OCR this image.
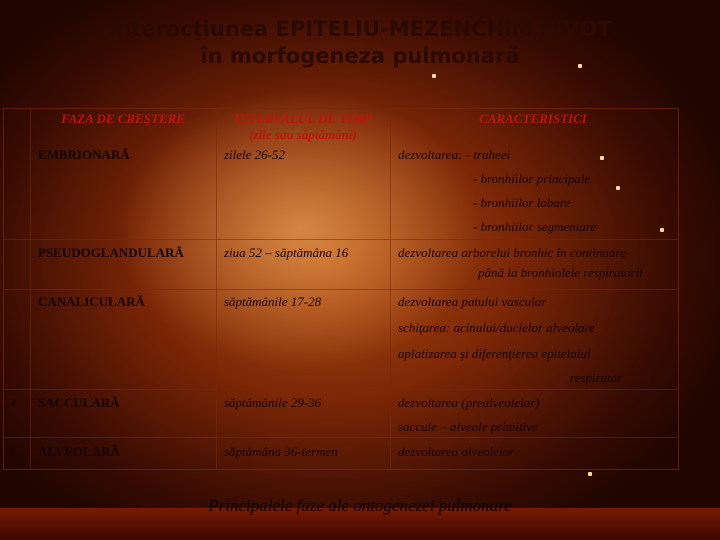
Interacţiunea EPITELIU-MEZENCHIM PIVOT
în morfogeneza pulmonară
FAZA DE CREŞTERE	INTERVALUL DE TIMP
(zile sau săptămâni)
CARACTERISTICI
EMBRIONARĂ	zilele 26-52	dezvoltarea: - traheei
- bronhiilor principale
- bronhiilor lobare
- bronhiilor segmentare
PSEUDOGLANDULARĂ	ziua 52 – săptămâna 16	dezvoltarea arborelui bronhic în continuare
până la bronhiolele respiratorii
CANALICULARĂ	săptămânile 17-28	dezvoltarea patului vascular
schiţarea: acinului/ducielor alveolare
aplatizarea şi diferenţierea epitelului
respirator
4 SACCULARĂ	săptămânile 29-36	dezvoltarea (prealveolelor)
saccule – alveole primitive
5 ALVEOLARĂ	săptămâna 36-termen	dezvoltarea alveolelor
Principalele faze ale ontogenezei pulmonare
